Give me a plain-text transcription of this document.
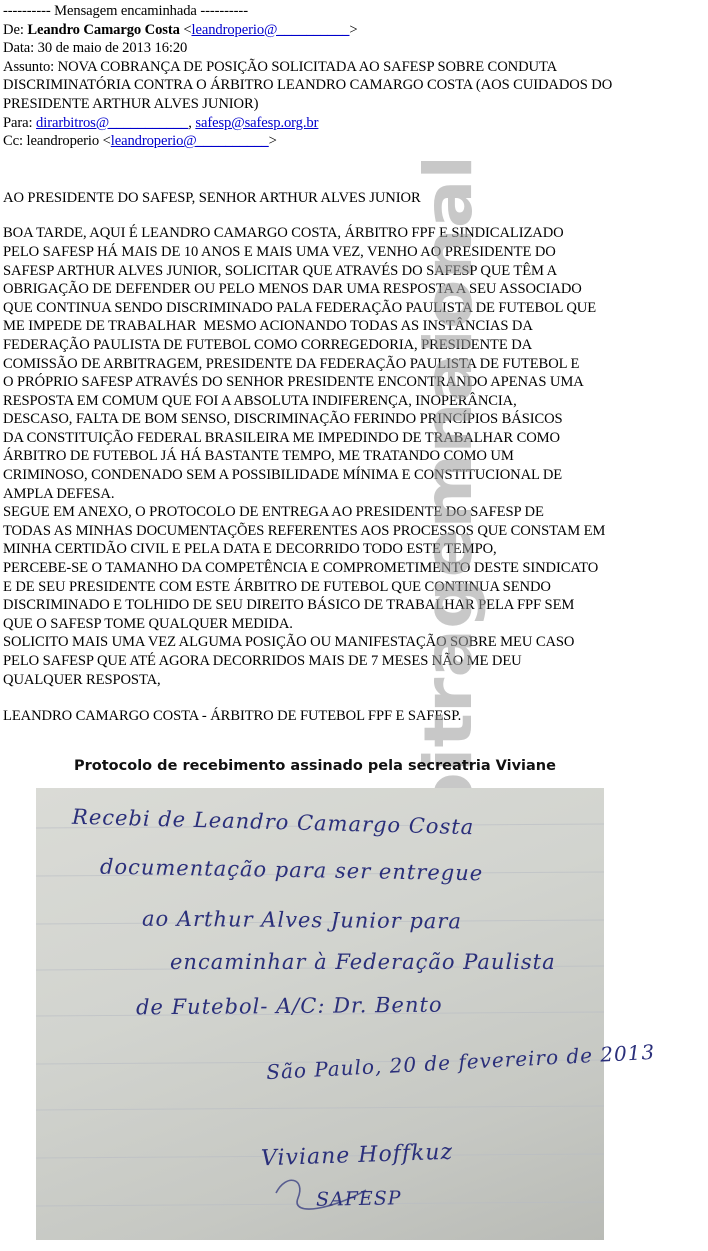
---------- Mensagem encaminhada ----------
De: Leandro Camargo Costa <leandroperio@__________>
Data: 30 de maio de 2013 16:20
Assunto: NOVA COBRANÇA DE POSIÇÃO SOLICITADA AO SAFESP SOBRE CONDUTA
DISCRIMINATÓRIA CONTRA O ÁRBITRO LEANDRO CAMARGO COSTA (AOS CUIDADOS DO
PRESIDENTE ARTHUR ALVES JUNIOR)
Para: dirarbitros@___________, safesp@safesp.org.br
Cc: leandroperio <leandroperio@__________>
AO PRESIDENTE DO SAFESP, SENHOR ARTHUR ALVES JUNIOR
BOA TARDE, AQUI É LEANDRO CAMARGO COSTA, ÁRBITRO FPF E SINDICALIZADO
PELO SAFESP HÁ MAIS DE 10 ANOS E MAIS UMA VEZ, VENHO AO PRESIDENTE DO
SAFESP ARTHUR ALVES JUNIOR, SOLICITAR QUE ATRAVÉS DO SAFESP QUE TÊM A
OBRIGAÇÃO DE DEFENDER OU PELO MENOS DAR UMA RESPOSTA A SEU ASSOCIADO
QUE CONTINUA SENDO DISCRIMINADO PALA FEDERAÇÃO PAULISTA DE FUTEBOL QUE
ME IMPEDE DE TRABALHAR  MESMO ACIONANDO TODAS AS INSTÂNCIAS DA
FEDERAÇÃO PAULISTA DE FUTEBOL COMO CORREGEDORIA, PRESIDENTE DA
COMISSÃO DE ARBITRAGEM, PRESIDENTE DA FEDERAÇÃO PAULISTA DE FUTEBOL E
O PRÓPRIO SAFESP ATRAVÉS DO SENHOR PRESIDENTE ENCONTRANDO APENAS UMA
RESPOSTA EM COMUM QUE FOI A ABSOLUTA INDIFERENÇA, INOPERÂNCIA,
DESCASO, FALTA DE BOM SENSO, DISCRIMINAÇÃO FERINDO PRINCÍPIOS BÁSICOS
DA CONSTITUIÇÃO FEDERAL BRASILEIRA ME IMPEDINDO DE TRABALHAR COMO
ÁRBITRO DE FUTEBOL JÁ HÁ BASTANTE TEMPO, ME TRATANDO COMO UM
CRIMINOSO, CONDENADO SEM A POSSIBILIDADE MÍNIMA E CONSTITUCIONAL DE
AMPLA DEFESA.
SEGUE EM ANEXO, O PROTOCOLO DE ENTREGA AO PRESIDENTE DO SAFESP DE
TODAS AS MINHAS DOCUMENTAÇÕES REFERENTES AOS PROCESSOS QUE CONSTAM EM
MINHA CERTIDÃO CIVIL E PELA DATA E DECORRIDO TODO ESTE TEMPO,
PERCEBE-SE O TAMANHO DA COMPETÊNCIA E COMPROMETIMENTO DESTE SINDICATO
E DE SEU PRESIDENTE COM ESTE ÁRBITRO DE FUTEBOL QUE CONTINUA SENDO
DISCRIMINADO E TOLHIDO DE SEU DIREITO BÁSICO DE TRABALHAR PELA FPF SEM
QUE O SAFESP TOME QUALQUER MEDIDA.
SOLICITO MAIS UMA VEZ ALGUMA POSIÇÃO OU MANIFESTAÇÃO SOBRE MEU CASO
PELO SAFESP QUE ATÉ AGORA DECORRIDOS MAIS DE 7 MESES NÃO ME DEU
QUALQUER RESPOSTA,
LEANDRO CAMARGO COSTA - ÁRBITRO DE FUTEBOL FPF E SAFESP.
Arbitragemnaional
Protocolo de recebimento assinado pela secreatria Viviane
Recebi de Leandro Camargo Costa
documentação para ser entregue
ao Arthur Alves Junior para
encaminhar à Federação Paulista
de Futebol- A/C: Dr. Bento
São Paulo, 20 de fevereiro de 2013
Viviane Hoffkuz
SAFESP
